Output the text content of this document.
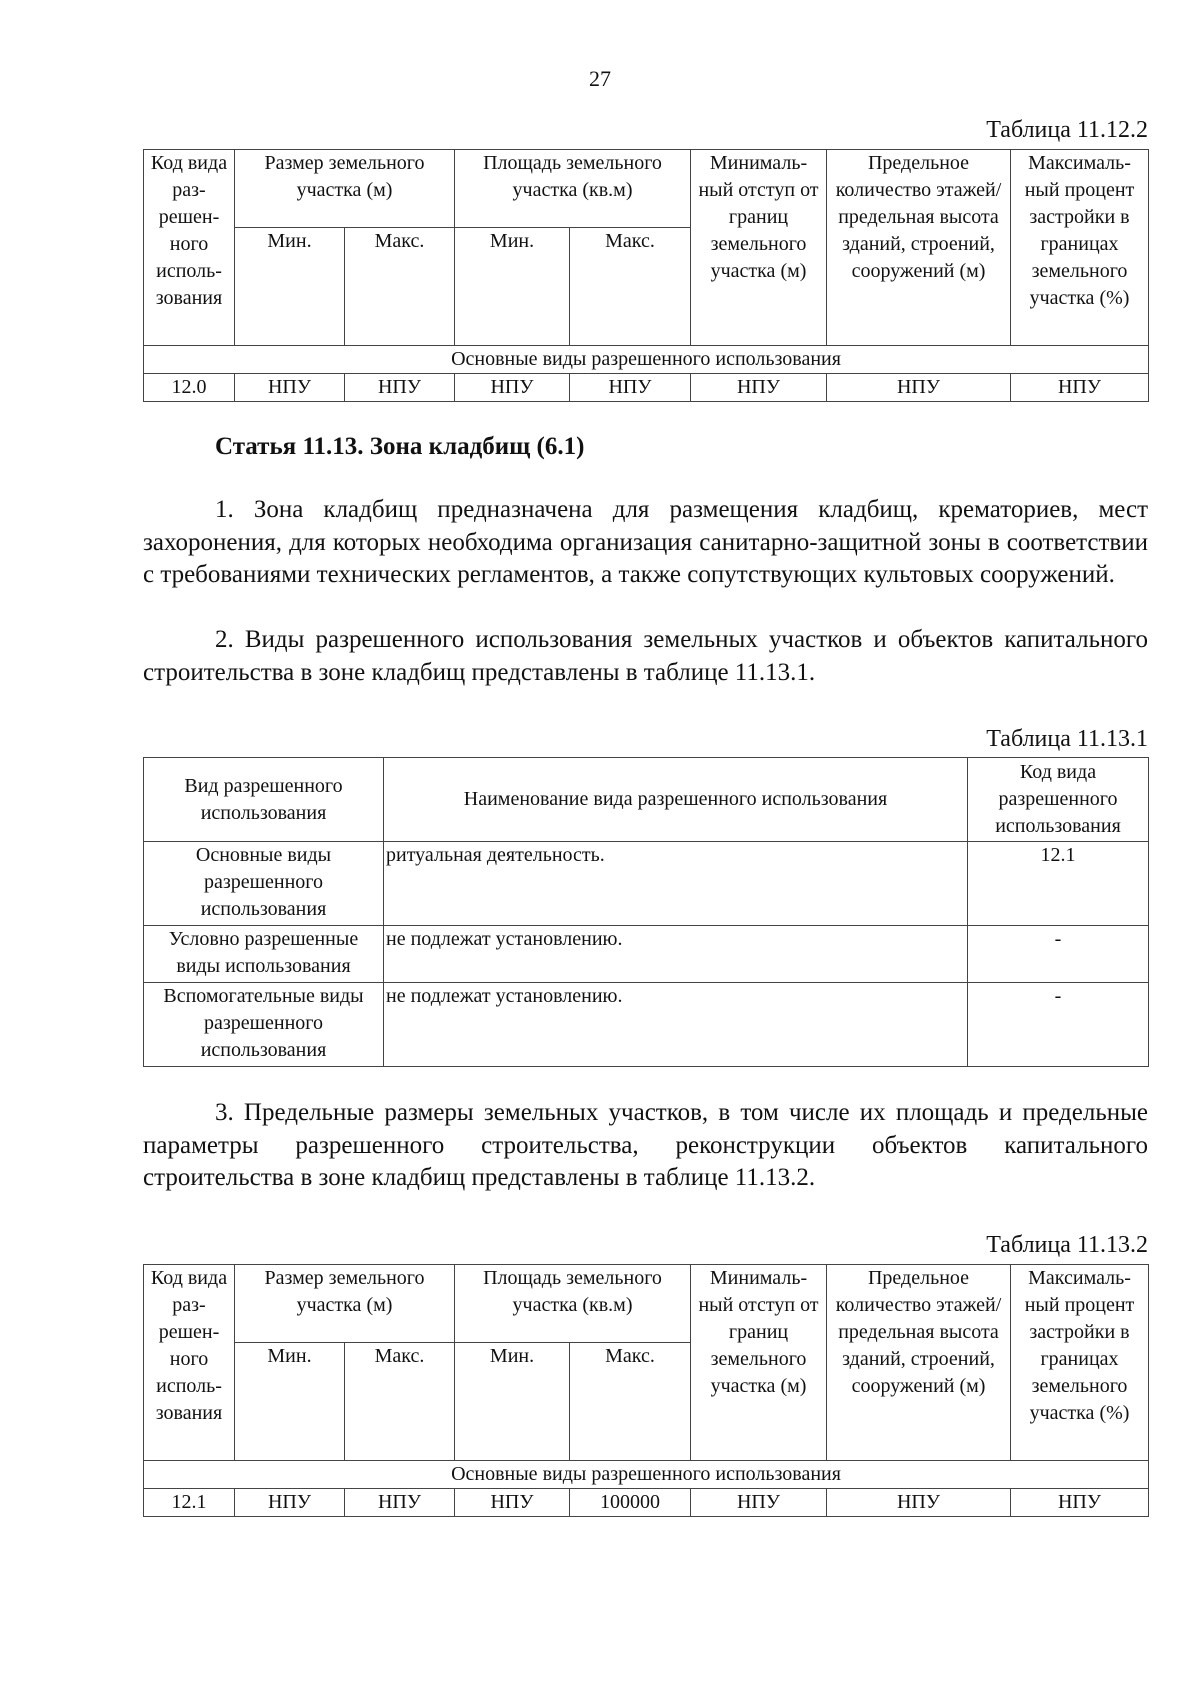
27
Таблица 11.12.2
Код вида раз-решен-ного исполь-зования	Размер земельного участка (м)		Площадь земельного участка (кв.м)		Минималь-ный отступ от границ земельного участка (м)	Предельное количество этажей/ предельная высота зданий, строений, сооружений (м)	Максималь-ный процент застройки в границах земельного участка (%)
	Мин.	Макс.	Мин.	Макс.			
Основные виды разрешенного использования							
12.0	НПУ	НПУ	НПУ	НПУ	НПУ	НПУ	НПУ
Статья 11.13. Зона кладбищ (6.1)

1. Зона кладбищ предназначена для размещения кладбищ, крематориев, мест захоронения, для которых необходима организация санитарно-защитной зоны в соответствии с требованиями технических регламентов, а также сопутствующих культовых сооружений.

2. Виды разрешенного использования земельных участков и объектов капитального строительства в зоне кладбищ представлены в таблице 11.13.1.

Таблица 11.13.1
Вид разрешенного использования	Наименование вида разрешенного использования	Код вида разрешенного использования
Основные виды разрешенного использования	ритуальная деятельность.	12.1
Условно разрешенные виды использования	не подлежат установлению.	-
Вспомогательные виды разрешенного использования	не подлежат установлению.	-

3. Предельные размеры земельных участков, в том числе их площадь и предельные параметры разрешенного строительства, реконструкции объектов капитального строительства в зоне кладбищ представлены в таблице 11.13.2.

Таблица 11.13.2
Код вида раз-решен-ного исполь-зования	Размер земельного участка (м)		Площадь земельного участка (кв.м)		Минималь-ный отступ от границ земельного участка (м)	Предельное количество этажей/ предельная высота зданий, строений, сооружений (м)	Максималь-ный процент застройки в границах земельного участка (%)
	Мин.	Макс.	Мин.	Макс.			
Основные виды разрешенного использования							
12.1	НПУ	НПУ	НПУ	100000	НПУ	НПУ	НПУ
